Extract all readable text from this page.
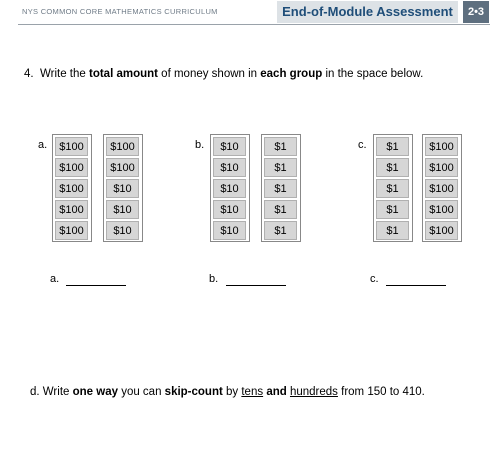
NYS COMMON CORE MATHEMATICS CURRICULUM	End-of-Module Assessment	2•3
4. Write the total amount of money shown in each group in the space below.
a.	$100
$100
$100
$100
$100
$100
$100
$10
$10
$10
b.	$10
$10
$10
$10
$10
$1
$1
$1
$1
$1
c.	$1
$1
$1
$1
$1
$100
$100
$100
$100
$100
a.	b.	c.
d. Write one way you can skip-count by tens and hundreds from 150 to 410.
